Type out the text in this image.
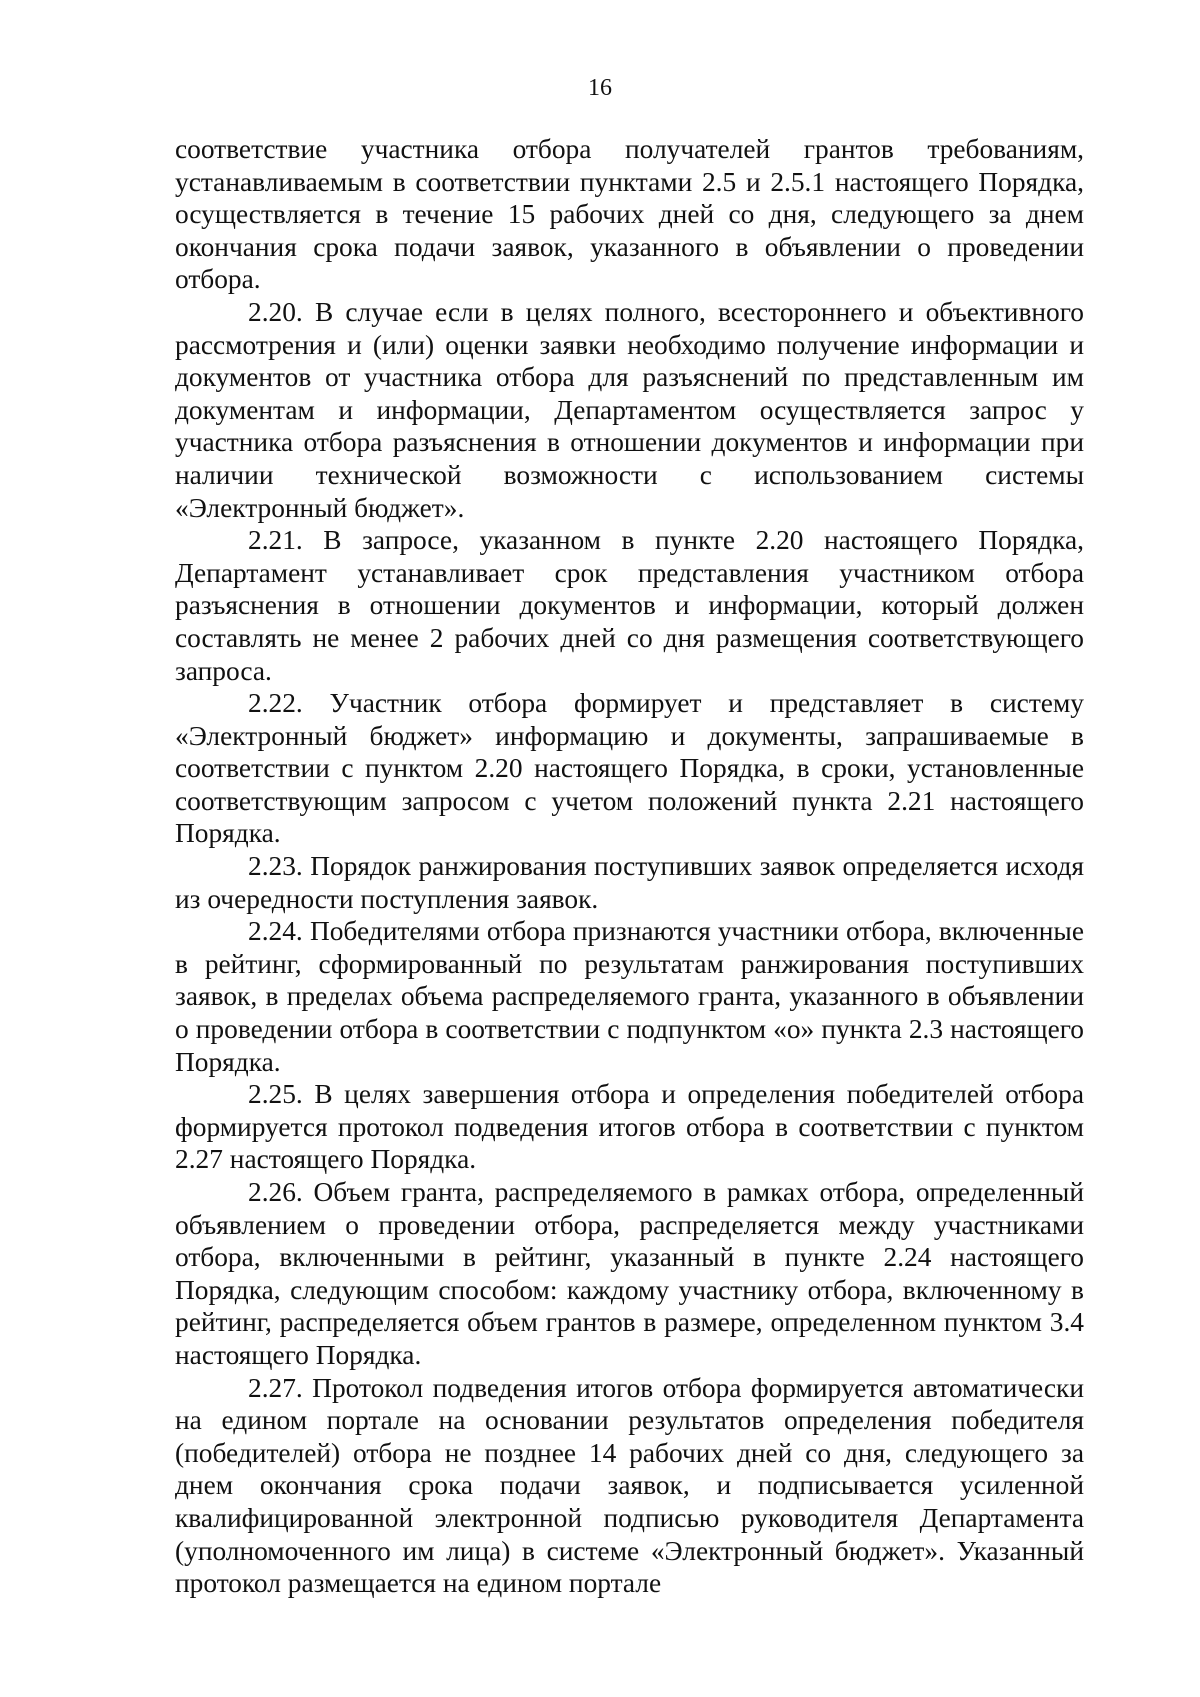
16

соответствие участника отбора получателей грантов требованиям, устанавливаемым в соответствии пунктами 2.5 и 2.5.1 настоящего Порядка, осуществляется в течение 15 рабочих дней со дня, следующего за днем окончания срока подачи заявок, указанного в объявлении о проведении отбора.

2.20. В случае если в целях полного, всестороннего и объективного рассмотрения и (или) оценки заявки необходимо получение информации и документов от участника отбора для разъяснений по представленным им документам и информации, Департаментом осуществляется запрос у участника отбора разъяснения в отношении документов и информации при наличии технической возможности с использованием системы «Электронный бюджет».

2.21. В запросе, указанном в пункте 2.20 настоящего Порядка, Департамент устанавливает срок представления участником отбора разъяснения в отношении документов и информации, который должен составлять не менее 2 рабочих дней со дня размещения соответствующего запроса.

2.22. Участник отбора формирует и представляет в систему «Электронный бюджет» информацию и документы, запрашиваемые в соответствии с пунктом 2.20 настоящего Порядка, в сроки, установленные соответствующим запросом с учетом положений пункта 2.21 настоящего Порядка.

2.23. Порядок ранжирования поступивших заявок определяется исходя из очередности поступления заявок.

2.24. Победителями отбора признаются участники отбора, включенные в рейтинг, сформированный по результатам ранжирования поступивших заявок, в пределах объема распределяемого гранта, указанного в объявлении о проведении отбора в соответствии с подпунктом «о» пункта 2.3 настоящего Порядка.

2.25. В целях завершения отбора и определения победителей отбора формируется протокол подведения итогов отбора в соответствии с пунктом 2.27 настоящего Порядка.

2.26. Объем гранта, распределяемого в рамках отбора, определенный объявлением о проведении отбора, распределяется между участниками отбора, включенными в рейтинг, указанный в пункте 2.24 настоящего Порядка, следующим способом: каждому участнику отбора, включенному в рейтинг, распределяется объем грантов в размере, определенном пунктом 3.4 настоящего Порядка.

2.27. Протокол подведения итогов отбора формируется автоматически на едином портале на основании результатов определения победителя (победителей) отбора не позднее 14 рабочих дней со дня, следующего за днем окончания срока подачи заявок, и подписывается усиленной квалифицированной электронной подписью руководителя Департамента (уполномоченного им лица) в системе «Электронный бюджет». Указанный протокол размещается на едином портале
